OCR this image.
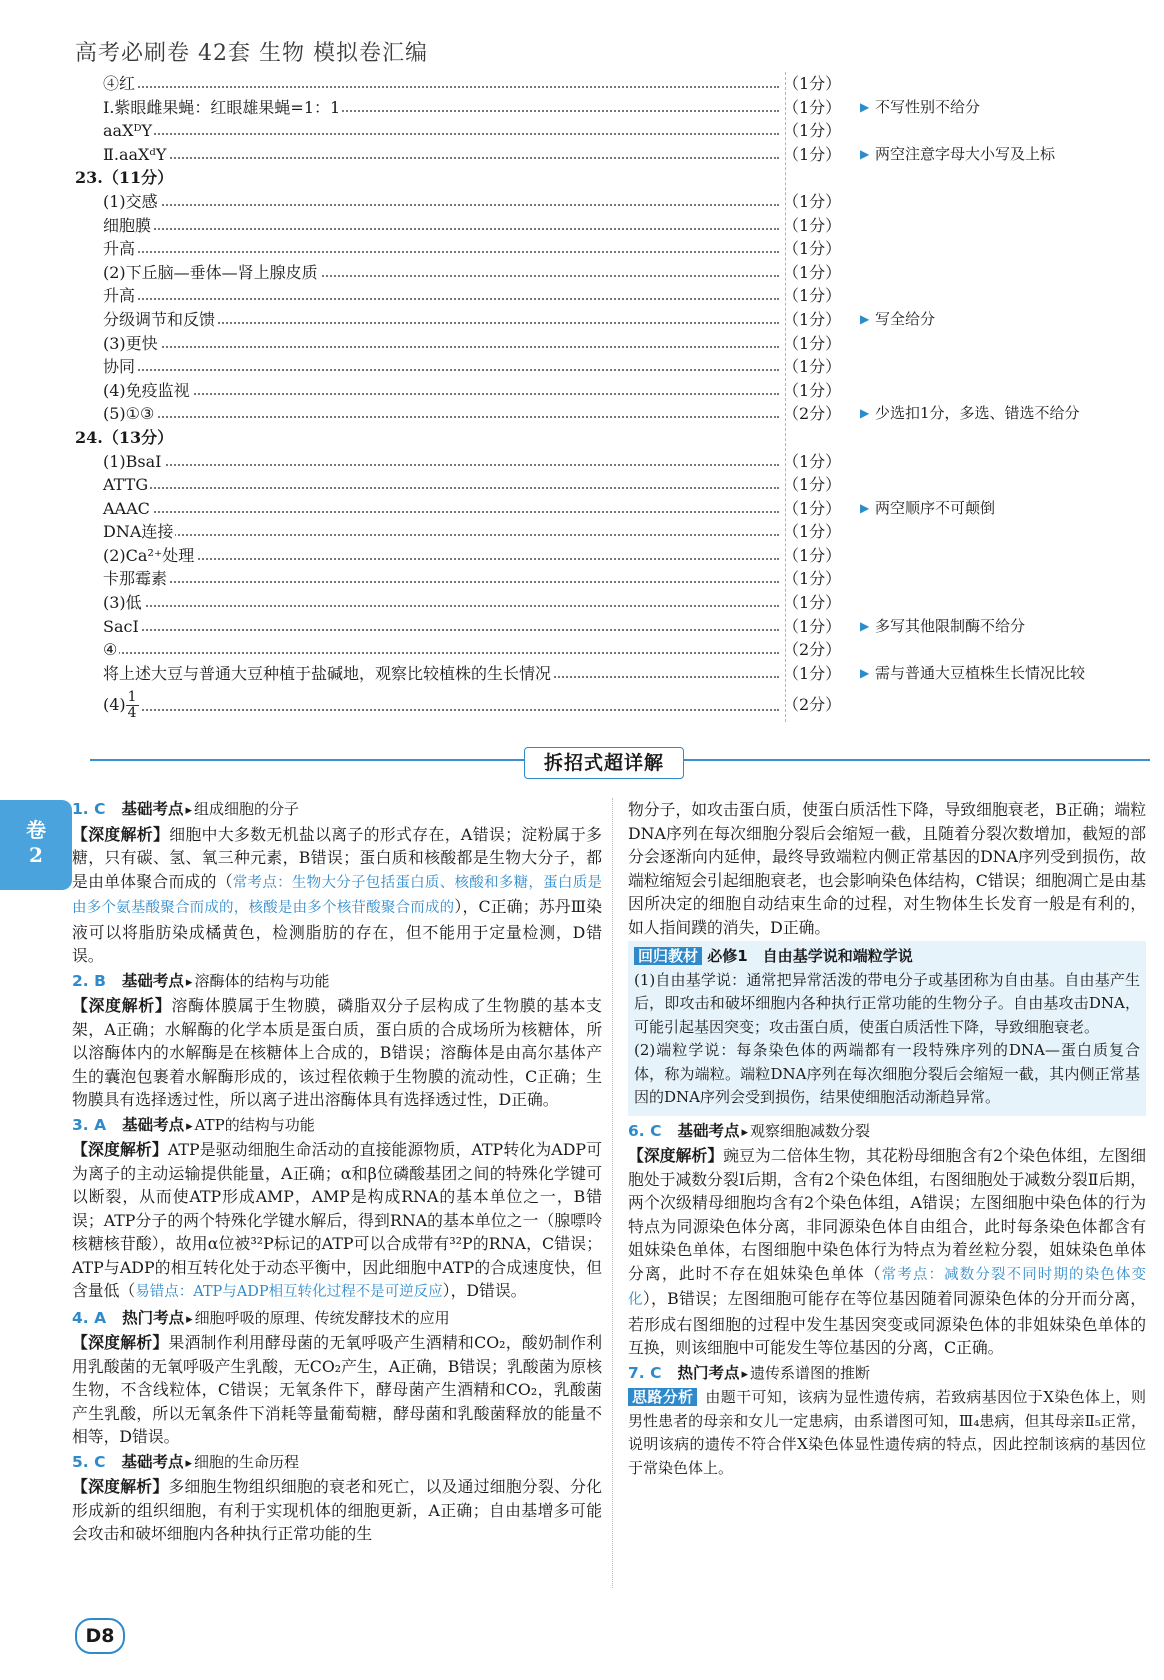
高考必刷卷 42套 生物 模拟卷汇编
④红	（1分）
Ⅰ.紫眼雌果蝇：红眼雄果蝇=1：1	（1分） ▶ 不写性别不给分
aaXᴰY	（1分）
Ⅱ.aaXᵈY	（1分） ▶ 两空注意字母大小写及上标
23.（11分）
(1)交感	（1分）
细胞膜	（1分）
升高	（1分）
(2)下丘脑—垂体—肾上腺皮质	（1分）
升高	（1分）
分级调节和反馈	（1分） ▶ 写全给分
(3)更快	（1分）
协同	（1分）
(4)免疫监视	（1分）
(5)①③	（2分） ▶ 少选扣1分，多选、错选不给分
24.（13分）
(1)BsaⅠ	（1分）
ATTG	（1分）
AAAC	（1分） ▶ 两空顺序不可颠倒
DNA连接	（1分）
(2)Ca²⁺处理	（1分）
卡那霉素	（1分）
(3)低	（1分）
SacⅠ	（1分） ▶ 多写其他限制酶不给分
④	（2分）
将上述大豆与普通大豆种植于盐碱地，观察比较植株的生长情况	（1分） ▶ 需与普通大豆植株生长情况比较
$(4) \frac{1}{4}$	（2分）
拆招式超详解
卷
2
1. C 基础考点 ▸ 组成细胞的分子
【深度解析】细胞中大多数无机盐以离子的形式存在，A错误；淀粉属于多糖，只有碳、氢、氧三种元素，B错误；蛋白质和核酸都是生物大分子，都是由单体聚合而成的（常考点：生物大分子包括蛋白质、核酸和多糖，蛋白质是由多个氨基酸聚合而成的，核酸是由多个核苷酸聚合而成的），C正确；苏丹Ⅲ染液可以将脂肪染成橘黄色，检测脂肪的存在，但不能用于定量检测，D错误。
2. B 基础考点 ▸ 溶酶体的结构与功能
【深度解析】溶酶体膜属于生物膜，磷脂双分子层构成了生物膜的基本支架，A正确；水解酶的化学本质是蛋白质，蛋白质的合成场所为核糖体，所以溶酶体内的水解酶是在核糖体上合成的，B错误；溶酶体是由高尔基体产生的囊泡包裹着水解酶形成的，该过程依赖于生物膜的流动性，C正确；生物膜具有选择透过性，所以离子进出溶酶体具有选择透过性，D正确。
3. A 基础考点 ▸ ATP的结构与功能
【深度解析】ATP是驱动细胞生命活动的直接能源物质，ATP转化为ADP可为离子的主动运输提供能量，A正确；α和β位磷酸基团之间的特殊化学键可以断裂，从而使ATP形成AMP，AMP是构成RNA的基本单位之一，B错误；ATP分子的两个特殊化学键水解后，得到RNA的基本单位之一（腺嘌呤核糖核苷酸），故用α位被³²P标记的ATP可以合成带有³²P的RNA，C错误；ATP与ADP的相互转化处于动态平衡中，因此细胞中ATP的合成速度快，但含量低（易错点：ATP与ADP相互转化过程不是可逆反应），D错误。
4. A 热门考点 ▸ 细胞呼吸的原理、传统发酵技术的应用
【深度解析】果酒制作利用酵母菌的无氧呼吸产生酒精和CO₂，酸奶制作利用乳酸菌的无氧呼吸产生乳酸，无CO₂产生，A正确，B错误；乳酸菌为原核生物，不含线粒体，C错误；无氧条件下，酵母菌产生酒精和CO₂，乳酸菌产生乳酸，所以无氧条件下消耗等量葡萄糖，酵母菌和乳酸菌释放的能量不相等，D错误。
5. C 基础考点 ▸ 细胞的生命历程
【深度解析】多细胞生物组织细胞的衰老和死亡，以及通过细胞分裂、分化形成新的组织细胞，有利于实现机体的细胞更新，A正确；自由基增多可能会攻击和破坏细胞内各种执行正常功能的生
物分子，如攻击蛋白质，使蛋白质活性下降，导致细胞衰老，B正确；端粒DNA序列在每次细胞分裂后会缩短一截，且随着分裂次数增加，截短的部分会逐渐向内延伸，最终导致端粒内侧正常基因的DNA序列受到损伤，故端粒缩短会引起细胞衰老，也会影响染色体结构，C错误；细胞凋亡是由基因所决定的细胞自动结束生命的过程，对生物体生长发育一般是有利的，如人指间蹼的消失，D正确。
回归教材 必修1　自由基学说和端粒学说
(1)自由基学说：通常把异常活泼的带电分子或基团称为自由基。自由基产生后，即攻击和破坏细胞内各种执行正常功能的生物分子。自由基攻击DNA，可能引起基因突变；攻击蛋白质，使蛋白质活性下降，导致细胞衰老。
(2)端粒学说：每条染色体的两端都有一段特殊序列的DNA—蛋白质复合体，称为端粒。端粒DNA序列在每次细胞分裂后会缩短一截，其内侧正常基因的DNA序列会受到损伤，结果使细胞活动渐趋异常。
6. C 基础考点 ▸ 观察细胞减数分裂
【深度解析】豌豆为二倍体生物，其花粉母细胞含有2个染色体组，左图细胞处于减数分裂Ⅰ后期，含有2个染色体组，右图细胞处于减数分裂Ⅱ后期，两个次级精母细胞均含有2个染色体组，A错误；左图细胞中染色体的行为特点为同源染色体分离，非同源染色体自由组合，此时每条染色体都含有姐妹染色单体，右图细胞中染色体行为特点为着丝粒分裂，姐妹染色单体分离，此时不存在姐妹染色单体（常考点：减数分裂不同时期的染色体变化），B错误；左图细胞可能存在等位基因随着同源染色体的分开而分离，若形成右图细胞的过程中发生基因突变或同源染色体的非姐妹染色单体的互换，则该细胞中可能发生等位基因的分离，C正确。
7. C 热门考点 ▸ 遗传系谱图的推断
思路分析 由题干可知，该病为显性遗传病，若致病基因位于X染色体上，则男性患者的母亲和女儿一定患病，由系谱图可知，Ⅲ₄患病，但其母亲Ⅱ₅正常，说明该病的遗传不符合伴X染色体显性遗传病的特点，因此控制该病的基因位于常染色体上。
D8
